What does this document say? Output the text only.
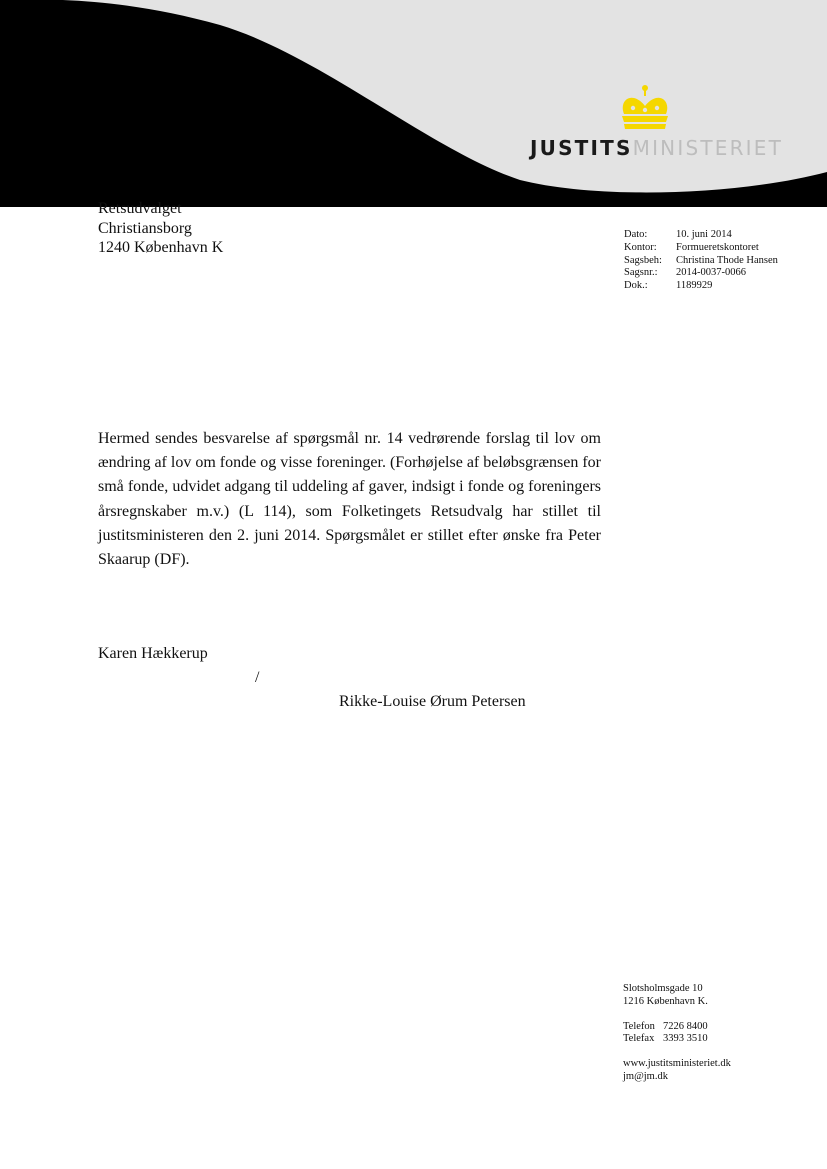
JUSTITSMINISTERIET
Retsudvalget
Christiansborg
1240 København K
Dato:	10. juni 2014
Kontor:	Formueretskontoret
Sagsbeh:	Christina Thode Hansen
Sagsnr.:	2014-0037-0066
Dok.:	1189929
Hermed sendes besvarelse af spørgsmål nr. 14 vedrørende forslag til lov om ændring af lov om fonde og visse foreninger. (Forhøjelse af beløbsgrænsen for små fonde, udvidet adgang til uddeling af gaver, indsigt i fonde og foreningers årsregnskaber m.v.) (L 114), som Folketingets Retsudvalg har stillet til justitsministeren den 2. juni 2014. Spørgsmålet er stillet efter ønske fra Peter Skaarup (DF).
Karen Hækkerup
/
Rikke-Louise Ørum Petersen
Slotsholmsgade 10
1216 København K.
Telefon 7226 8400
Telefax 3393 3510
www.justitsministeriet.dk
jm@jm.dk
